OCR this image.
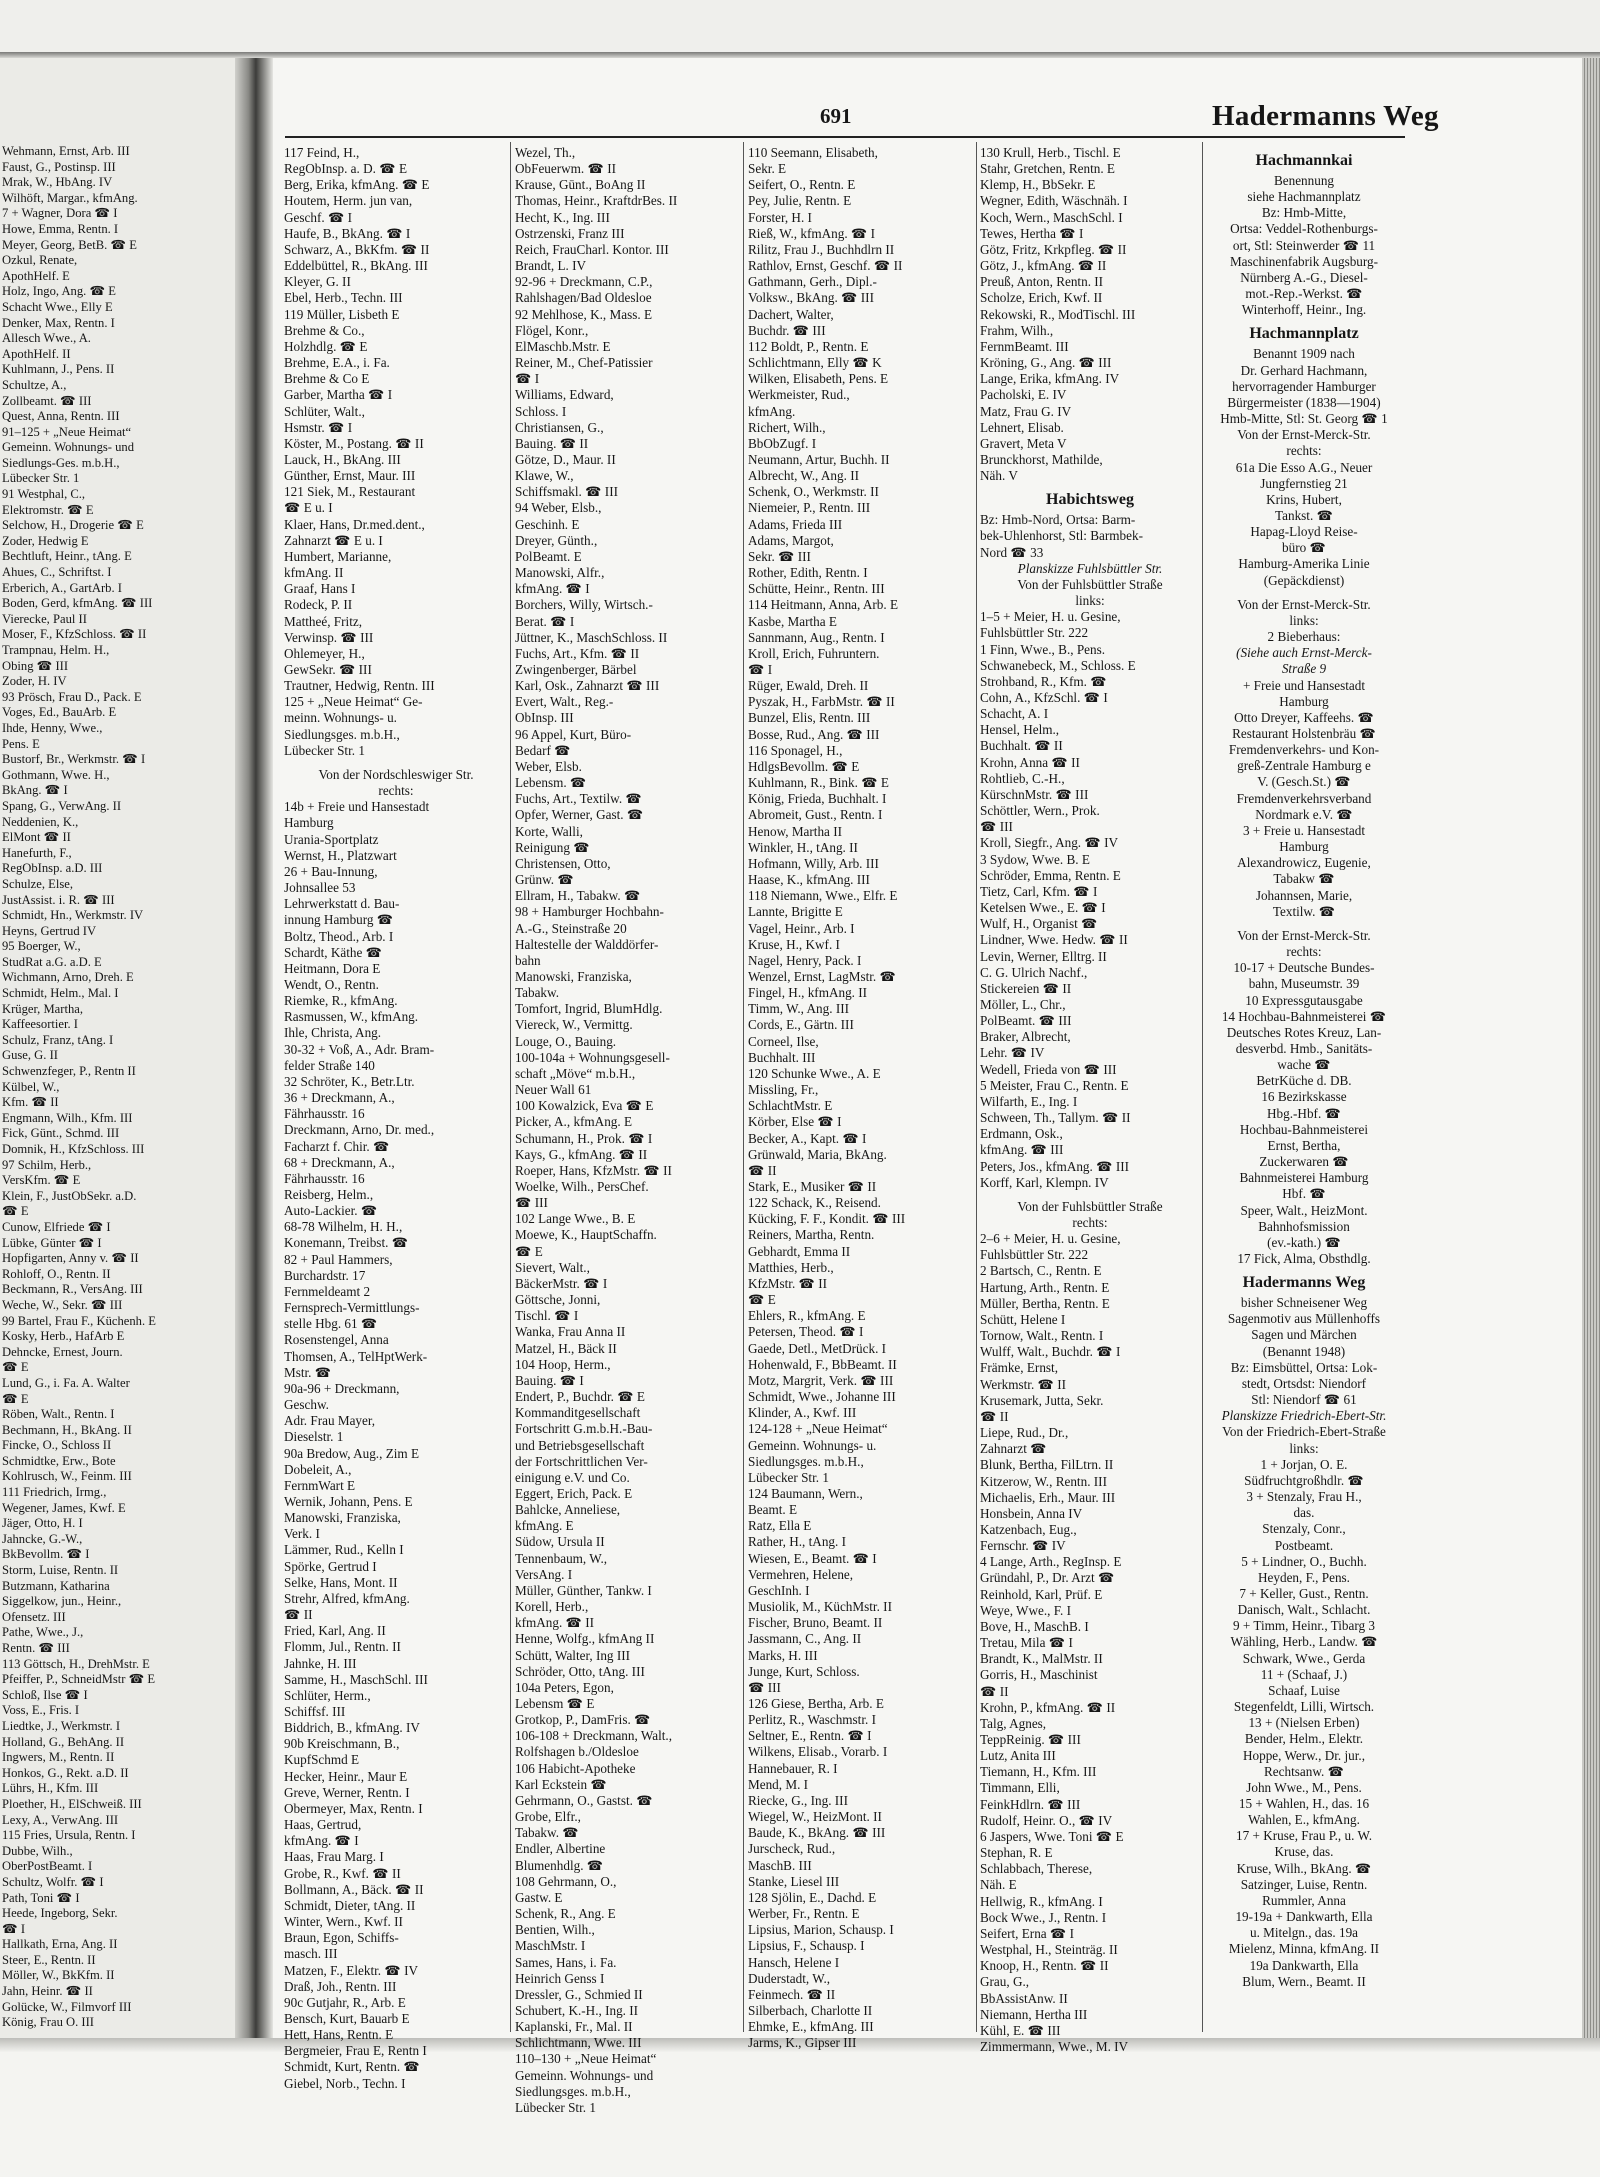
691	Hadermanns Weg
Wehmann, Ernst, Arb. III
Faust, G., Postinsp. III
Mrak, W., HbAng. IV
Wilhöft, Margar., kfmAng.
7 + Wagner, Dora ☎ I
Howe, Emma, Rentn. I
Meyer, Georg, BetB. ☎ E
Ozkul, Renate,
ApothHelf. E
Holz, Ingo, Ang. ☎ E
Schacht Wwe., Elly E
Denker, Max, Rentn. I
Allesch Wwe., A.
ApothHelf. II
Kuhlmann, J., Pens. II
Schultze, A.,
Zollbeamt. ☎ III
Quest, Anna, Rentn. III
91–125 + „Neue Heimat“
Gemeinn. Wohnungs- und
Siedlungs-Ges. m.b.H.,
Lübecker Str. 1
91 Westphal, C.,
Elektromstr. ☎ E
Selchow, H., Drogerie ☎ E
Zoder, Hedwig E
Bechtluft, Heinr., tAng. E
Ahues, C., Schriftst. I
Erberich, A., GartArb. I
Boden, Gerd, kfmAng. ☎ III
Vierecke, Paul II
Moser, F., KfzSchloss. ☎ II
Trampnau, Helm. H.,
Obing ☎ III
Zoder, H. IV
93 Prösch, Frau D., Pack. E
Voges, Ed., BauArb. E
Ihde, Henny, Wwe.,
Pens. E
Bustorf, Br., Werkmstr. ☎ I
Gothmann, Wwe. H.,
BkAng. ☎ I
Spang, G., VerwAng. II
Neddenien, K.,
ElMont ☎ II
Hanefurth, F.,
RegObInsp. a.D. III
Schulze, Else,
JustAssist. i. R. ☎ III
Schmidt, Hn., Werkmstr. IV
Heyns, Gertrud IV
95 Boerger, W.,
StudRat a.G. a.D. E
Wichmann, Arno, Dreh. E
Schmidt, Helm., Mal. I
Krüger, Martha,
Kaffeesortier. I
Schulz, Franz, tAng. I
Guse, G. II
Schwenzfeger, P., Rentn II
Külbel, W.,
Kfm. ☎ II
Engmann, Wilh., Kfm. III
Fick, Günt., Schmd. III
Domnik, H., KfzSchloss. III
97 Schilm, Herb.,
VersKfm. ☎ E
Klein, F., JustObSekr. a.D.
☎ E
Cunow, Elfriede ☎ I
Lübke, Günter ☎ I
Hopfigarten, Anny v. ☎ II
Rohloff, O., Rentn. II
Beckmann, R., VersAng. III
Weche, W., Sekr. ☎ III
99 Bartel, Frau F., Küchenh. E
Kosky, Herb., HafArb E
Dehncke, Ernest, Journ.
☎ E
Lund, G., i. Fa. A. Walter
☎ E
Röben, Walt., Rentn. I
Bechmann, H., BkAng. II
Fincke, O., Schloss II
Schmidtke, Erw., Bote
Kohlrusch, W., Feinm. III
111 Friedrich, Irmg.,
Wegener, James, Kwf. E
Jäger, Otto, H. I
Jahncke, G.-W.,
BkBevollm. ☎ I
Storm, Luise, Rentn. II
Butzmann, Katharina
Siggelkow, jun., Heinr.,
Ofensetz. III
Pathe, Wwe., J.,
Rentn. ☎ III
113 Göttsch, H., DrehMstr. E
Pfeiffer, P., SchneidMstr ☎ E
Schloß, Ilse ☎ I
Voss, E., Fris. I
Liedtke, J., Werkmstr. I
Holland, G., BehAng. II
Ingwers, M., Rentn. II
Honkos, G., Rekt. a.D. II
Lührs, H., Kfm. III
Ploether, H., ElSchweiß. III
Lexy, A., VerwAng. III
115 Fries, Ursula, Rentn. I
Dubbe, Wilh.,
OberPostBeamt. I
Schultz, Wolfr. ☎ I
Path, Toni ☎ I
Heede, Ingeborg, Sekr.
☎ I
Hallkath, Erna, Ang. II
Steer, E., Rentn. II
Möller, W., BkKfm. II
Jahn, Heinr. ☎ II
Golücke, W., Filmvorf III
König, Frau O. III
117 Feind, H.,
RegObInsp. a. D. ☎ E
Berg, Erika, kfmAng. ☎ E
Houtem, Herm. jun van,
Geschf. ☎ I
Haufe, B., BkAng. ☎ I
Schwarz, A., BkKfm. ☎ II
Eddelbüttel, R., BkAng. III
Kleyer, G. II
Ebel, Herb., Techn. III
119 Müller, Lisbeth E
Brehme & Co.,
Holzhdlg. ☎ E
Brehme, E.A., i. Fa.
Brehme & Co E
Garber, Martha ☎ I
Schlüter, Walt.,
Hsmstr. ☎ I
Köster, M., Postang. ☎ II
Lauck, H., BkAng. III
Günther, Ernst, Maur. III
121 Siek, M., Restaurant
☎ E u. I
Klaer, Hans, Dr.med.dent.,
Zahnarzt ☎ E u. I
Humbert, Marianne,
kfmAng. II
Graaf, Hans I
Rodeck, P. II
Mattheé, Fritz,
Verwinsp. ☎ III
Ohlemeyer, H.,
GewSekr. ☎ III
Trautner, Hedwig, Rentn. III
125 + „Neue Heimat“ Ge-
meinn. Wohnungs- u.
Siedlungsges. m.b.H.,
Lübecker Str. 1
Von der Nordschleswiger Str.
rechts:
14b + Freie und Hansestadt
Hamburg
Urania-Sportplatz
Wernst, H., Platzwart
26 + Bau-Innung,
Johnsallee 53
Lehrwerkstatt d. Bau-
innung Hamburg ☎
Boltz, Theod., Arb. I
Schardt, Käthe ☎
Heitmann, Dora E
Wendt, O., Rentn.
Riemke, R., kfmAng.
Rasmussen, W., kfmAng.
Ihle, Christa, Ang.
30-32 + Voß, A., Adr. Bram-
felder Straße 140
32 Schröter, K., Betr.Ltr.
36 + Dreckmann, A.,
Fährhausstr. 16
Dreckmann, Arno, Dr. med.,
Facharzt f. Chir. ☎
68 + Dreckmann, A.,
Fährhausstr. 16
Reisberg, Helm.,
Auto-Lackier. ☎
68-78 Wilhelm, H. H.,
Konemann, Treibst. ☎
82 + Paul Hammers,
Burchardstr. 17
Fernmeldeamt 2
Fernsprech-Vermittlungs-
stelle Hbg. 61 ☎
Rosenstengel, Anna
Thomsen, A., TelHptWerk-
Mstr. ☎
90a-96 + Dreckmann,
Geschw.
Adr. Frau Mayer,
Dieselstr. 1
90a Bredow, Aug., Zim E
Dobeleit, A.,
FernmWart E
Wernik, Johann, Pens. E
Manowski, Franziska,
Verk. I
Lämmer, Rud., Kelln I
Spörke, Gertrud I
Selke, Hans, Mont. II
Strehr, Alfred, kfmAng.
☎ II
Fried, Karl, Ang. II
Flomm, Jul., Rentn. II
Jahnke, H. III
Samme, H., MaschSchl. III
Schlüter, Herm.,
Schiffsf. III
Biddrich, B., kfmAng. IV
90b Kreischmann, B.,
KupfSchmd E
Hecker, Heinr., Maur E
Greve, Werner, Rentn. I
Obermeyer, Max, Rentn. I
Haas, Gertrud,
kfmAng. ☎ I
Haas, Frau Marg. I
Grobe, R., Kwf. ☎ II
Bollmann, A., Bäck. ☎ II
Schmidt, Dieter, tAng. II
Winter, Wern., Kwf. II
Braun, Egon, Schiffs-
masch. III
Matzen, F., Elektr. ☎ IV
Draß, Joh., Rentn. III
90c Gutjahr, R., Arb. E
Bensch, Kurt, Bauarb E
Hett, Hans, Rentn. E
Bergmeier, Frau E, Rentn I
Schmidt, Kurt, Rentn. ☎
Giebel, Norb., Techn. I
Wezel, Th.,
ObFeuerwm. ☎ II
Krause, Gūnt., BoAng II
Thomas, Heinr., KraftdrBes. II
Hecht, K., Ing. III
Ostrzenski, Franz III
Reich, FrauCharl. Kontor. III
Brandt, L. IV
92-96 + Dreckmann, C.P.,
Rahlshagen/Bad Oldesloe
92 Mehlhose, K., Mass. E
Flögel, Konr.,
ElMaschb.Mstr. E
Reiner, M., Chef-Patissier
☎ I
Williams, Edward,
Schloss. I
Christiansen, G.,
Bauing. ☎ II
Götze, D., Maur. II
Klawe, W.,
Schiffsmakl. ☎ III
94 Weber, Elsb.,
Geschinh. E
Dreyer, Günth.,
PolBeamt. E
Manowski, Alfr.,
kfmAng. ☎ I
Borchers, Willy, Wirtsch.-
Berat. ☎ I
Jüttner, K., MaschSchloss. II
Fuchs, Art., Kfm. ☎ II
Zwingenberger, Bärbel
Karl, Osk., Zahnarzt ☎ III
Evert, Walt., Reg.-
ObInsp. III
96 Appel, Kurt, Büro-
Bedarf ☎
Weber, Elsb.
Lebensm. ☎
Fuchs, Art., Textilw. ☎
Opfer, Werner, Gast. ☎
Korte, Walli,
Reinigung ☎
Christensen, Otto,
Grünw. ☎
Ellram, H., Tabakw. ☎
98 + Hamburger Hochbahn-
A.-G., Steinstraße 20
Haltestelle der Walddörfer-
bahn
Manowski, Franziska,
Tabakw.
Tomfort, Ingrid, BlumHdlg.
Viereck, W., Vermittg.
Louge, O., Bauing.
100-104a + Wohnungsgesell-
schaft „Möve“ m.b.H.,
Neuer Wall 61
100 Kowalzick, Eva ☎ E
Picker, A., kfmAng. E
Schumann, H., Prok. ☎ I
Kays, G., kfmAng. ☎ II
Roeper, Hans, KfzMstr. ☎ II
Woelke, Wilh., PersChef.
☎ III
102 Lange Wwe., B. E
Moewe, K., HauptSchaffn.
☎ E
Sievert, Walt.,
BäckerMstr. ☎ I
Göttsche, Jonni,
Tischl. ☎ I
Wanka, Frau Anna II
Matzel, H., Bäck II
104 Hoop, Herm.,
Bauing. ☎ I
Endert, P., Buchdr. ☎ E
Kommanditgesellschaft
Fortschritt G.m.b.H.-Bau-
und Betriebsgesellschaft
der Fortschrittlichen Ver-
einigung e.V. und Co.
Eggert, Erich, Pack. E
Bahlcke, Anneliese,
kfmAng. E
Südow, Ursula II
Tennenbaum, W.,
VersAng. I
Müller, Günther, Tankw. I
Korell, Herb.,
kfmAng. ☎ II
Henne, Wolfg., kfmAng II
Schütt, Walter, Ing III
Schröder, Otto, tAng. III
104a Peters, Egon,
Lebensm ☎ E
Grotkop, P., DamFris. ☎
106-108 + Dreckmann, Walt.,
Rolfshagen b./Oldesloe
106 Habicht-Apotheke
Karl Eckstein ☎
Gehrmann, O., Gastst. ☎
Grobe, Elfr.,
Tabakw. ☎
Endler, Albertine
Blumenhdlg. ☎
108 Gehrmann, O.,
Gastw. E
Schenk, R., Ang. E
Bentien, Wilh.,
MaschMstr. I
Sames, Hans, i. Fa.
Heinrich Genss I
Dressler, G., Schmied II
Schubert, K.-H., Ing. II
Kaplanski, Fr., Mal. II
Schlichtmann, Wwe. III
110–130 + „Neue Heimat“
Gemeinn. Wohnungs- und
Siedlungsges. m.b.H.,
Lübecker Str. 1
110 Seemann, Elisabeth,
Sekr. E
Seifert, O., Rentn. E
Pey, Julie, Rentn. E
Forster, H. I
Rieß, W., kfmAng. ☎ I
Rilitz, Frau J., Buchhdlrn II
Rathlov, Ernst, Geschf. ☎ II
Gathmann, Gerh., Dipl.-
Volksw., BkAng. ☎ III
Dachert, Walter,
Buchdr. ☎ III
112 Boldt, P., Rentn. E
Schlichtmann, Elly ☎ K
Wilken, Elisabeth, Pens. E
Werkmeister, Rud.,
kfmAng.
Richert, Wilh.,
BbObZugf. I
Neumann, Artur, Buchh. II
Albrecht, W., Ang. II
Schenk, O., Werkmstr. II
Niemeier, P., Rentn. III
Adams, Frieda III
Adams, Margot,
Sekr. ☎ III
Rother, Edith, Rentn. I
Schütte, Heinr., Rentn. III
114 Heitmann, Anna, Arb. E
Kasbe, Martha E
Sannmann, Aug., Rentn. I
Kroll, Erich, Fuhruntern.
☎ I
Rüger, Ewald, Dreh. II
Pyszak, H., FarbMstr. ☎ II
Bunzel, Elis, Rentn. III
Bosse, Rud., Ang. ☎ III
116 Sponagel, H.,
HdlgsBevollm. ☎ E
Kuhlmann, R., Bink. ☎ E
König, Frieda, Buchhalt. I
Abromeit, Gust., Rentn. I
Henow, Martha II
Winkler, H., tAng. II
Hofmann, Willy, Arb. III
Haase, K., kfmAng. III
118 Niemann, Wwe., Elfr. E
Lannte, Brigitte E
Vagel, Heinr., Arb. I
Kruse, H., Kwf. I
Nagel, Henry, Pack. I
Wenzel, Ernst, LagMstr. ☎
Fingel, H., kfmAng. II
Timm, W., Ang. III
Cords, E., Gärtn. III
Corneel, Ilse,
Buchhalt. III
120 Schunke Wwe., A. E
Missling, Fr.,
SchlachtMstr. E
Körber, Else ☎ I
Becker, A., Kapt. ☎ I
Grünwald, Maria, BkAng.
☎ II
Stark, E., Musiker ☎ II
122 Schack, K., Reisend.
Kücking, F. F., Kondit. ☎ III
Reiners, Martha, Rentn.
Gebhardt, Emma II
Matthies, Herb.,
KfzMstr. ☎ II
☎ E
Ehlers, R., kfmAng. E
Petersen, Theod. ☎ I
Gaede, Detl., MetDrück. I
Hohenwald, F., BbBeamt. II
Motz, Margrit, Verk. ☎ III
Schmidt, Wwe., Johanne III
Klinder, A., Kwf. III
124-128 + „Neue Heimat“
Gemeinn. Wohnungs- u.
Siedlungsges. m.b.H.,
Lübecker Str. 1
124 Baumann, Wern.,
Beamt. E
Ratz, Ella E
Rather, H., tAng. I
Wiesen, E., Beamt. ☎ I
Vermehren, Helene,
GeschInh. I
Musiolik, M., KüchMstr. II
Fischer, Bruno, Beamt. II
Jassmann, C., Ang. II
Marks, H. III
Junge, Kurt, Schloss.
☎ III
126 Giese, Bertha, Arb. E
Perlitz, R., Waschmstr. I
Seltner, E., Rentn. ☎ I
Wilkens, Elisab., Vorarb. I
Hannebauer, R. I
Mend, M. I
Riecke, G., Ing. III
Wiegel, W., HeizMont. II
Baude, K., BkAng. ☎ III
Jurscheck, Rud.,
MaschB. III
Stanke, Liesel III
128 Sjölin, E., Dachd. E
Werber, Fr., Rentn. E
Lipsius, Marion, Schausp. I
Lipsius, F., Schausp. I
Hansch, Helene I
Duderstadt, W.,
Feinmech. ☎ II
Silberbach, Charlotte II
Ehmke, E., kfmAng. III
Jarms, K., Gipser III
130 Krull, Herb., Tischl. E
Stahr, Gretchen, Rentn. E
Klemp, H., BbSekr. E
Wegner, Edith, Wäschnäh. I
Koch, Wern., MaschSchl. I
Tewes, Hertha ☎ I
Götz, Fritz, Krkpfleg. ☎ II
Götz, J., kfmAng. ☎ II
Preuß, Anton, Rentn. II
Scholze, Erich, Kwf. II
Rekowski, R., ModTischl. III
Frahm, Wilh.,
FernmBeamt. III
Kröning, G., Ang. ☎ III
Lange, Erika, kfmAng. IV
Pacholski, E. IV
Matz, Frau G. IV
Lehnert, Elisab.
Gravert, Meta V
Brunckhorst, Mathilde,
Näh. V
Habichtsweg
Bz: Hmb-Nord, Ortsa: Barm-
bek-Uhlenhorst, Stl: Barmbek-
Nord ☎ 33
Planskizze Fuhlsbüttler Str.
Von der Fuhlsbüttler Straße
links:
1–5 + Meier, H. u. Gesine,
Fuhlsbüttler Str. 222
1 Finn, Wwe., B., Pens.
Schwanebeck, M., Schloss. E
Strohband, R., Kfm. ☎
Cohn, A., KfzSchl. ☎ I
Schacht, A. I
Hensel, Helm.,
Buchhalt. ☎ II
Krohn, Anna ☎ II
Rohtlieb, C.-H.,
KürschnMstr. ☎ III
Schöttler, Wern., Prok.
☎ III
Kroll, Siegfr., Ang. ☎ IV
3 Sydow, Wwe. B. E
Schröder, Emma, Rentn. E
Tietz, Carl, Kfm. ☎ I
Ketelsen Wwe., E. ☎ I
Wulf, H., Organist ☎
Lindner, Wwe. Hedw. ☎ II
Levin, Werner, Elltrg. II
C. G. Ulrich Nachf.,
Stickereien ☎ II
Möller, L., Chr.,
PolBeamt. ☎ III
Braker, Albrecht,
Lehr. ☎ IV
Wedell, Frieda von ☎ III
5 Meister, Frau C., Rentn. E
Wilfarth, E., Ing. I
Schween, Th., Tallym. ☎ II
Erdmann, Osk.,
kfmAng. ☎ III
Peters, Jos., kfmAng. ☎ III
Korff, Karl, Klempn. IV
Von der Fuhlsbüttler Straße
rechts:
2–6 + Meier, H. u. Gesine,
Fuhlsbüttler Str. 222
2 Bartsch, C., Rentn. E
Hartung, Arth., Rentn. E
Müller, Bertha, Rentn. E
Schütt, Helene I
Tornow, Walt., Rentn. I
Wulff, Walt., Buchdr. ☎ I
Främke, Ernst,
Werkmstr. ☎ II
Krusemark, Jutta, Sekr.
☎ II
Liepe, Rud., Dr.,
Zahnarzt ☎
Blunk, Bertha, FilLtrn. II
Kitzerow, W., Rentn. III
Michaelis, Erh., Maur. III
Honsbein, Anna IV
Katzenbach, Eug.,
Fernschr. ☎ IV
4 Lange, Arth., RegInsp. E
Gründahl, P., Dr. Arzt ☎
Reinhold, Karl, Prüf. E
Weye, Wwe., F. I
Bove, H., MaschB. I
Tretau, Mila ☎ I
Brandt, K., MalMstr. II
Gorris, H., Maschinist
☎ II
Krohn, P., kfmAng. ☎ II
Talg, Agnes,
TeppReinig. ☎ III
Lutz, Anita III
Tiemann, H., Kfm. III
Timmann, Elli,
FeinkHdlrn. ☎ III
Rudolf, Heinr. O., ☎ IV
6 Jaspers, Wwe. Toni ☎ E
Stephan, R. E
Schlabbach, Therese,
Näh. E
Hellwig, R., kfmAng. I
Bock Wwe., J., Rentn. I
Seifert, Erna ☎ I
Westphal, H., Steinträg. II
Knoop, H., Rentn. ☎ II
Grau, G.,
BbAssistAnw. II
Niemann, Hertha III
Kühl, E. ☎ III
Zimmermann, Wwe., M. IV
Hachmannkai
Benennung
siehe Hachmannplatz
Bz: Hmb-Mitte,
Ortsa: Veddel-Rothenburgs-
ort, Stl: Steinwerder ☎ 11
Maschinenfabrik Augsburg-
Nürnberg A.-G., Diesel-
mot.-Rep.-Werkst. ☎
Winterhoff, Heinr., Ing.
Hachmannplatz
Benannt 1909 nach
Dr. Gerhard Hachmann,
hervorragender Hamburger
Bürgermeister (1838—1904)
Hmb-Mitte, Stl: St. Georg ☎ 1
Von der Ernst-Merck-Str.
rechts:
61a Die Esso A.G., Neuer
Jungfernstieg 21
Krins, Hubert,
Tankst. ☎
Hapag-Lloyd Reise-
büro ☎
Hamburg-Amerika Linie
(Gepäckdienst)
Von der Ernst-Merck-Str.
links:
2 Bieberhaus:
(Siehe auch Ernst-Merck-
Straße 9
+ Freie und Hansestadt
Hamburg
Otto Dreyer, Kaffeehs. ☎
Restaurant Holstenbräu ☎
Fremdenverkehrs- und Kon-
greß-Zentrale Hamburg e
V. (Gesch.St.) ☎
Fremdenverkehrsverband
Nordmark e.V. ☎
3 + Freie u. Hansestadt
Hamburg
Alexandrowicz, Eugenie,
Tabakw ☎
Johannsen, Marie,
Textilw. ☎
Von der Ernst-Merck-Str.
rechts:
10-17 + Deutsche Bundes-
bahn, Museumstr. 39
10 Expressgutausgabe
14 Hochbau-Bahnmeisterei ☎
Deutsches Rotes Kreuz, Lan-
desverbd. Hmb., Sanitäts-
wache ☎
BetrKüche d. DB.
16 Bezirkskasse
Hbg.-Hbf. ☎
Hochbau-Bahnmeisterei
Ernst, Bertha,
Zuckerwaren ☎
Bahnmeisterei Hamburg
Hbf. ☎
Speer, Walt., HeizMont.
Bahnhofsmission
(ev.-kath.) ☎
17 Fick, Alma, Obsthdlg.
Hadermanns Weg
bisher Schneisener Weg
Sagenmotiv aus Müllenhoffs
Sagen und Märchen
(Benannt 1948)
Bz: Eimsbüttel, Ortsa: Lok-
stedt, Ortsdst: Niendorf
Stl: Niendorf ☎ 61
Planskizze Friedrich-Ebert-Str.
Von der Friedrich-Ebert-Straße
links:
1 + Jorjan, O. E.
Südfruchtgroßhdlr. ☎
3 + Stenzaly, Frau H.,
das.
Stenzaly, Conr.,
Postbeamt.
5 + Lindner, O., Buchh.
Heyden, F., Pens.
7 + Keller, Gust., Rentn.
Danisch, Walt., Schlacht.
9 + Timm, Heinr., Tibarg 3
Wähling, Herb., Landw. ☎
Schwark, Wwe., Gerda
11 + (Schaaf, J.)
Schaaf, Luise
Stegenfeldt, Lilli, Wirtsch.
13 + (Nielsen Erben)
Bender, Helm., Elektr.
Hoppe, Werw., Dr. jur.,
Rechtsanw. ☎
John Wwe., M., Pens.
15 + Wahlen, H., das. 16
Wahlen, E., kfmAng.
17 + Kruse, Frau P., u. W.
Kruse, das.
Kruse, Wilh., BkAng. ☎
Satzinger, Luise, Rentn.
Rummler, Anna
19-19a + Dankwarth, Ella
u. Mitelgn., das. 19a
Mielenz, Minna, kfmAng. II
19a Dankwarth, Ella
Blum, Wern., Beamt. II
